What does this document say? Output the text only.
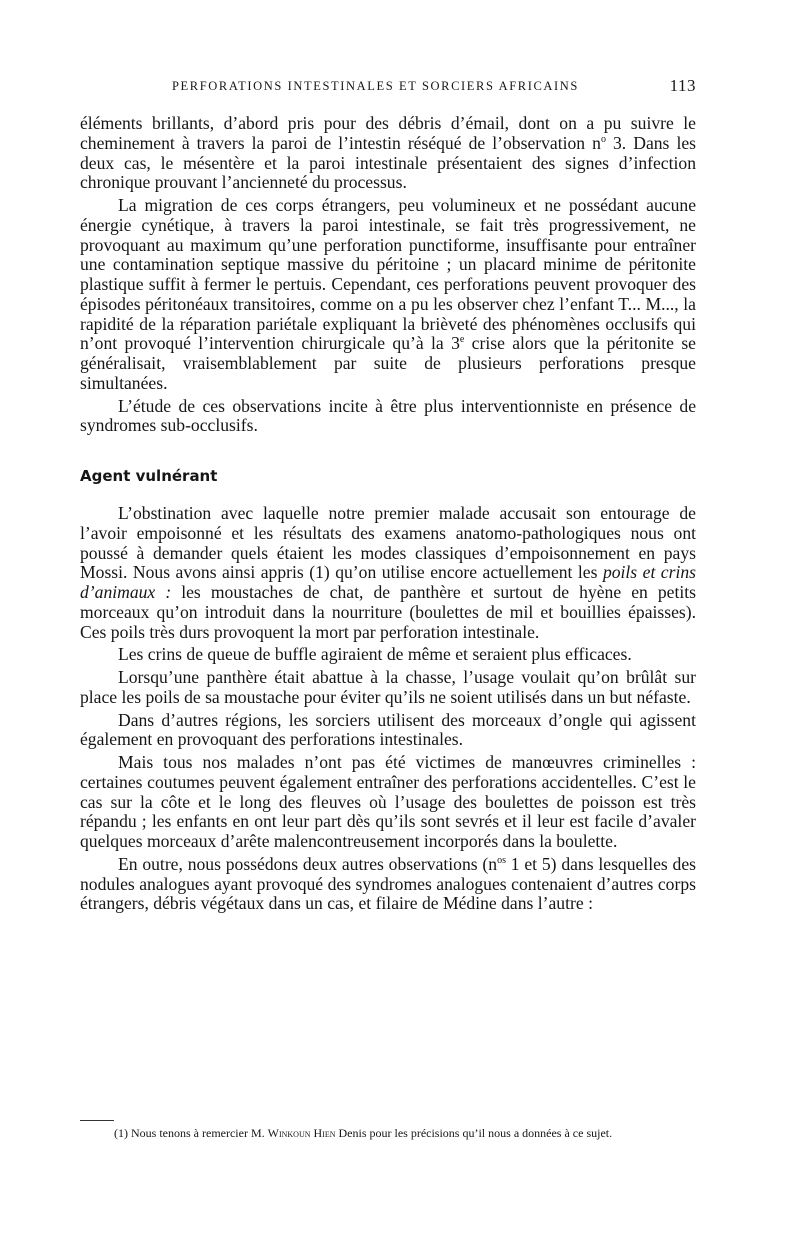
PERFORATIONS INTESTINALES ET SORCIERS AFRICAINS	113

éléments brillants, d’abord pris pour des débris d’émail, dont on a pu suivre le cheminement à travers la paroi de l’intestin réséqué de l’observation $n^o$ 3. Dans les deux cas, le mésentère et la paroi intestinale présentaient des signes d’infection chronique prouvant l’ancienneté du processus.

La migration de ces corps étrangers, peu volumineux et ne possédant aucune énergie cynétique, à travers la paroi intestinale, se fait très progressivement, ne provoquant au maximum qu’une perforation punctiforme, insuffisante pour entraîner une contamination septique massive du péritoine ; un placard minime de péritonite plastique suffit à fermer le pertuis. Cependant, ces perforations peuvent provoquer des épisodes péritonéaux transitoires, comme on a pu les observer chez l’enfant T... M..., la rapidité de la réparation pariétale expliquant la brièveté des phénomènes occlusifs qui n’ont provoqué l’intervention chirurgicale qu’à la 3e crise alors que la péritonite se généralisait, vraisemblablement par suite de plusieurs perforations presque simultanées.

L’étude de ces observations incite à être plus interventionniste en présence de syndromes sub-occlusifs.

Agent vulnérant

L’obstination avec laquelle notre premier malade accusait son entourage de l’avoir empoisonné et les résultats des examens anatomo-pathologiques nous ont poussé à demander quels étaient les modes classiques d’empoisonnement en pays Mossi. Nous avons ainsi appris (1) qu’on utilise encore actuellement les poils et crins d’animaux : les moustaches de chat, de panthère et surtout de hyène en petits morceaux qu’on introduit dans la nourriture (boulettes de mil et bouillies épaisses). Ces poils très durs provoquent la mort par perforation intestinale.

Les crins de queue de buffle agiraient de même et seraient plus efficaces.

Lorsqu’une panthère était abattue à la chasse, l’usage voulait qu’on brûlât sur place les poils de sa moustache pour éviter qu’ils ne soient utilisés dans un but néfaste.

Dans d’autres régions, les sorciers utilisent des morceaux d’ongle qui agissent également en provoquant des perforations intestinales.

Mais tous nos malades n’ont pas été victimes de manœuvres criminelles : certaines coutumes peuvent également entraîner des perforations accidentelles. C’est le cas sur la côte et le long des fleuves où l’usage des boulettes de poisson est très répandu ; les enfants en ont leur part dès qu’ils sont sevrés et il leur est facile d’avaler quelques morceaux d’arête malencontreusement incorporés dans la boulette.

En outre, nous possédons deux autres observations ($n^{os}$ 1 et 5) dans lesquelles des nodules analogues ayant provoqué des syndromes analogues contenaient d’autres corps étrangers, débris végétaux dans un cas, et filaire de Médine dans l’autre :

(1) Nous tenons à remercier M. Winkoun Hien Denis pour les précisions qu’il nous a données à ce sujet.
